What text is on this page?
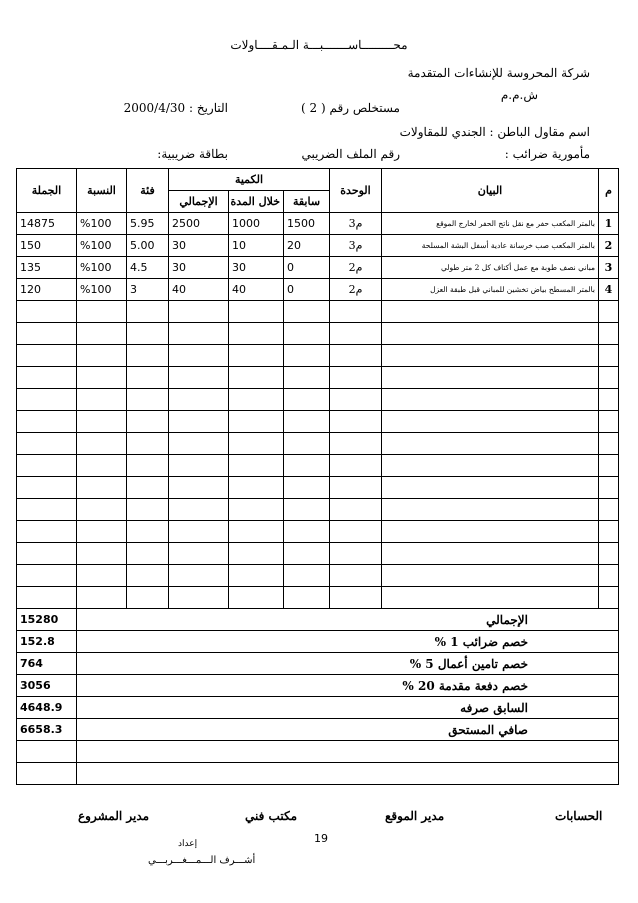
محـــــــــاســـــــبـــة الـمـقــــاولات
شركة المحروسة للإنشاءات المتقدمة
ش.م.م
مستخلص رقم ( 2 )
التاريخ : 2000/4/30
اسم مقاول الباطن : الجندي للمقاولات
مأمورية ضرائب :
رقم الملف الضريبي
بطاقة ضريبية:
م	البيان	الوحدة	الكمية			فئة	النسبة	الجملة
			سابقة	خلال المدة	الإجمالي			
1	بالمتر المكعب حفر مع نقل ناتج الحفر لخارج الموقع	م3	1500	1000	2500	5.95	%100	14875
2	بالمتر المكعب صب خرسانة عادية أسفل البشة المسلحة	م3	20	10	30	5.00	%100	150
3	مباني نصف طوبة مع عمل أكتاف كل 2 متر طولي	م2	0	30	30	4.5	%100	135
4	بالمتر المسطح بياض تخشين للمباني قبل طبقة العزل	م2	0	40	40	3	%100	120

الإجمالي								15280
خصم ضرائب 1 %								152.8
خصم تامين أعمال 5 %								764
خصم دفعة مقدمة 20 %								3056
السابق صرفه								4648.9
صافي المستحق								6658.3

الحسابات
مدير الموقع
مكتب فني
مدير المشروع
19
إعداد
أشـــرف الـــمـــغـــربـــي
